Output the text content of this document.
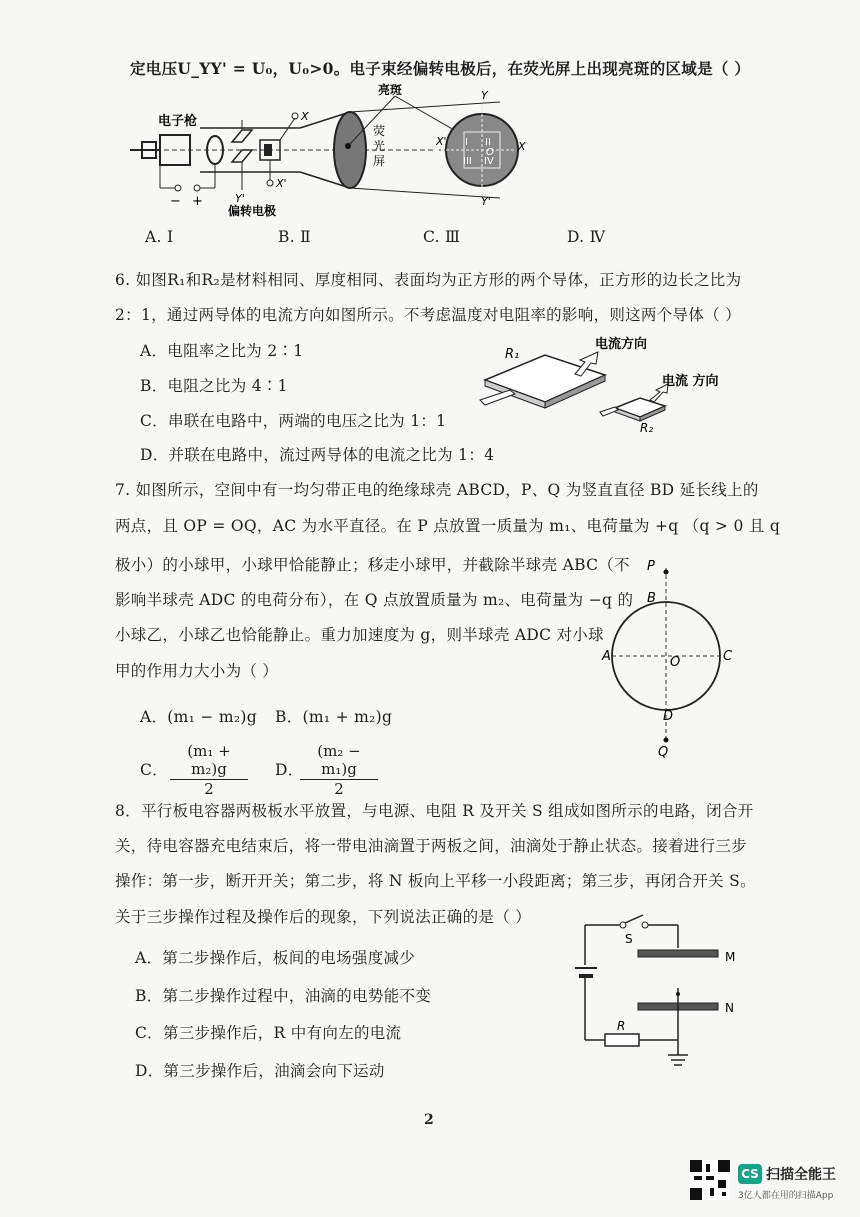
定电压U_YY' = U₀，U₀>0。电子束经偏转电极后，在荧光屏上出现亮斑的区域是（ ）
电子枪
− +	Y'
X
X'
偏转电极
荧
光
屏
亮斑
I II
III IV
O
Y
Y'
X'	X
A. Ⅰ	B. Ⅱ	C. Ⅲ	D. Ⅳ
6. 如图R₁和R₂是材料相同、厚度相同、表面均为正方形的两个导体，正方形的边长之比为
2：1，通过两导体的电流方向如图所示。不考虑温度对电阻率的影响，则这两个导体（ ）
A．电阻率之比为 2∶1
B．电阻之比为 4∶1
C．串联在电路中，两端的电压之比为 1：1
D．并联在电路中，流过两导体的电流之比为 1：4
R₁
电流方向
R₂
电流 方向
7. 如图所示，空间中有一均匀带正电的绝缘球壳 ABCD，P、Q 为竖直直径 BD 延长线上的
两点，且 OP = OQ，AC 为水平直径。在 P 点放置一质量为 m₁、电荷量为 +q （q > 0 且 q
极小）的小球甲，小球甲恰能静止；移走小球甲，并截除半球壳 ABC（不
影响半球壳 ADC 的电荷分布），在 Q 点放置质量为 m₂、电荷量为 −q 的
小球乙，小球乙也恰能静止。重力加速度为 g，则半球壳 ADC 对小球
甲的作用力大小为（ ）
A．(m₁ − m₂)g B．(m₁ + m₂)g
C． $\frac{\text{(m₁ + m₂)g}}{2}$ D．
$\frac{\text{(m₂ − m₁)g}}{2}$
P
B
A	O	C
D
Q
8．平行板电容器两极板水平放置，与电源、电阻 R 及开关 S 组成如图所示的电路，闭合开
关，待电容器充电结束后，将一带电油滴置于两板之间，油滴处于静止状态。接着进行三步
操作：第一步，断开开关；第二步，将 N 板向上平移一小段距离；第三步，再闭合开关 S。
关于三步操作过程及操作后的现象，下列说法正确的是（ ）
A．第二步操作后，板间的电场强度减少
B．第二步操作过程中，油滴的电势能不变
C．第三步操作后，R 中有向左的电流
D．第三步操作后，油滴会向下运动
S
M
N
R
2
CS 扫描全能王
3亿人都在用的扫描App
